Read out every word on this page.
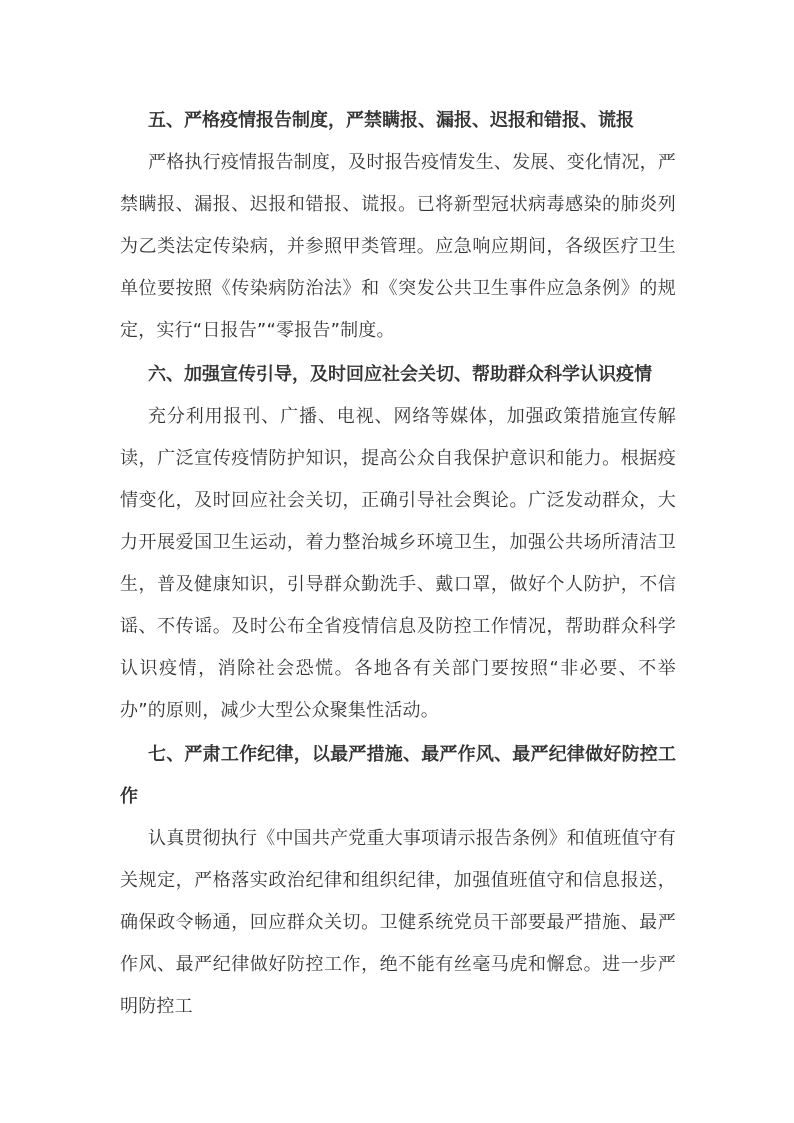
五、严格疫情报告制度，严禁瞒报、漏报、迟报和错报、谎报

严格执行疫情报告制度，及时报告疫情发生、发展、变化情况，严禁瞒报、漏报、迟报和错报、谎报。已将新型冠状病毒感染的肺炎列为乙类法定传染病，并参照甲类管理。应急响应期间，各级医疗卫生单位要按照《传染病防治法》和《突发公共卫生事件应急条例》的规定，实行“日报告”“零报告”制度。

六、加强宣传引导，及时回应社会关切、帮助群众科学认识疫情

充分利用报刊、广播、电视、网络等媒体，加强政策措施宣传解读，广泛宣传疫情防护知识，提高公众自我保护意识和能力。根据疫情变化，及时回应社会关切，正确引导社会舆论。广泛发动群众，大力开展爱国卫生运动，着力整治城乡环境卫生，加强公共场所清洁卫生，普及健康知识，引导群众勤洗手、戴口罩，做好个人防护，不信谣、不传谣。及时公布全省疫情信息及防控工作情况，帮助群众科学认识疫情，消除社会恐慌。各地各有关部门要按照“非必要、不举办”的原则，减少大型公众聚集性活动。

七、严肃工作纪律，以最严措施、最严作风、最严纪律做好防控工作

认真贯彻执行《中国共产党重大事项请示报告条例》和值班值守有关规定，严格落实政治纪律和组织纪律，加强值班值守和信息报送，确保政令畅通，回应群众关切。卫健系统党员干部要最严措施、最严作风、最严纪律做好防控工作，绝不能有丝毫马虎和懈怠。进一步严明防控工
